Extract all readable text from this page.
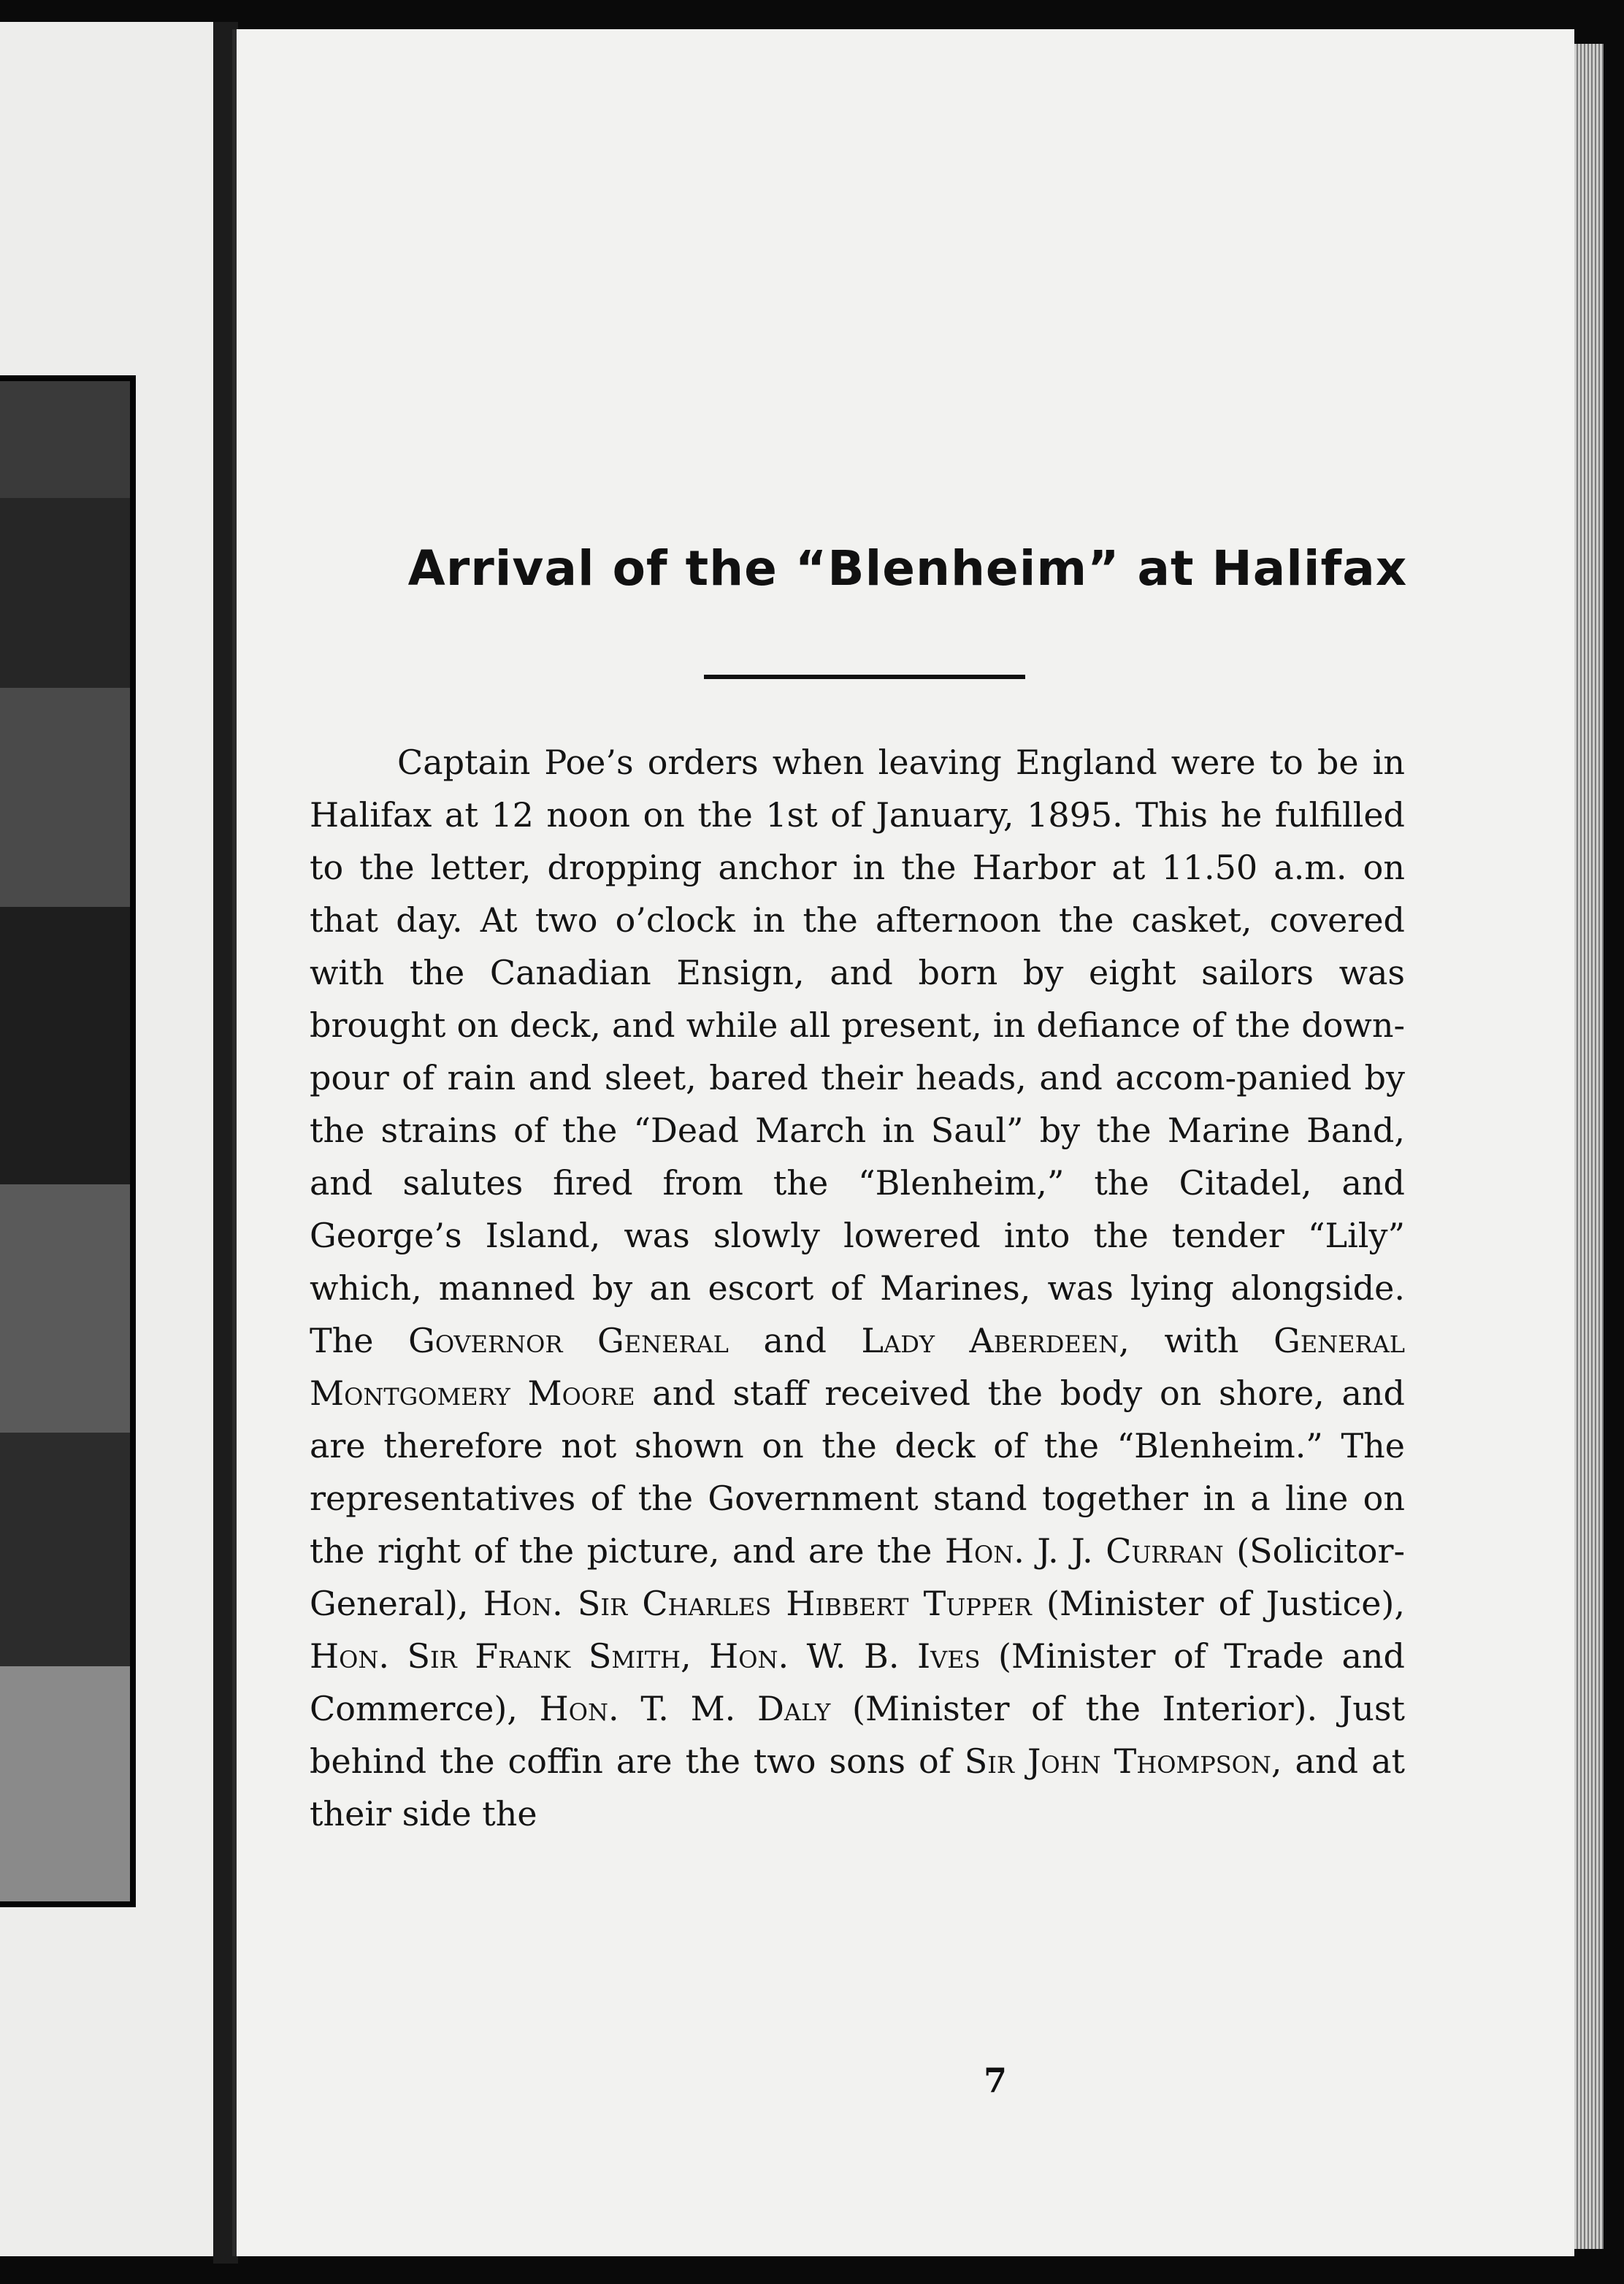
Arrival of the “Blenheim” at Halifax

Captain Poe’s orders when leaving England were to be in Halifax at 12 noon on the 1st of January, 1895. This he fulfilled to the letter, dropping anchor in the Harbor at 11.50 a.m. on that day. At two o’clock in the afternoon the casket, covered with the Canadian Ensign, and born by eight sailors was brought on deck, and while all present, in defiance of the down-pour of rain and sleet, bared their heads, and accom-panied by the strains of the “Dead March in Saul” by the Marine Band, and salutes fired from the “Blenheim,” the Citadel, and George’s Island, was slowly lowered into the tender “Lily” which, manned by an escort of Marines, was lying alongside. The Governor General and Lady Aberdeen, with General Montgomery Moore and staff received the body on shore, and are therefore not shown on the deck of the “Blenheim.” The representatives of the Government stand together in a line on the right of the picture, and are the Hon. J. J. Curran (Solicitor-General), Hon. Sir Charles Hibbert Tupper (Minister of Justice), Hon. Sir Frank Smith, Hon. W. B. Ives (Minister of Trade and Commerce), Hon. T. M. Daly (Minister of the Interior). Just behind the coffin are the two sons of Sir John Thompson, and at their side the

7
